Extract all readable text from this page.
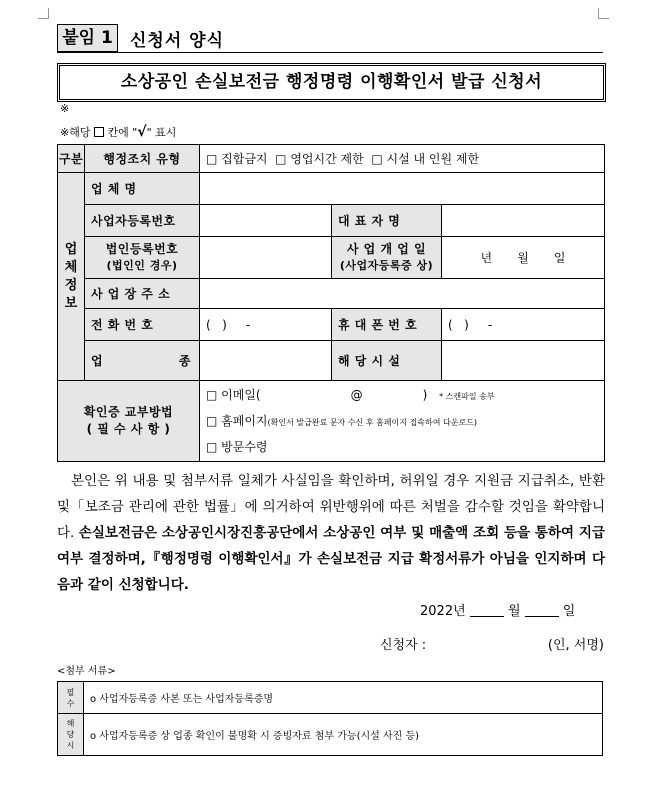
붙임 1	신청서 양식
소상공인 손실보전금 행정명령 이행확인서 발급 신청서
※
※해당 칸에 "√" 표시
구분	행정조치 유형	□ 집합금지 □ 영업시간 제한 □ 시설 내 인원 제한		
업
체
정
보	업 체 명			
	사업자등록번호		대 표 자 명	
	법인등록번호
(법인인 경우)		사 업 개 업 일
(사업자등록증 상)	년 월 일

	사 업 장 주 소			
	전 화 번 호	(   )     -	휴 대 폰 번 호	(   )     -

	업 종		해 당 시 설	
확인증 교부방법
( 필 수 사 항 )		□ 이메일( @ ) * 스캔파일 송부
□ 홈페이지(확인서 발급완료 문자 수신 후 홈페이지 접속하여 다운로드)
□ 방문수령		

본인은 위 내용 및 첨부서류 일체가 사실임을 확인하며, 허위일 경우 지원금 지급취소, 반환 및「보조금 관리에 관한 법률」에 의거하여 위반행위에 따른 처벌을 감수할 것임을 확약합니다. 손실보전금은 소상공인시장진흥공단에서 소상공인 여부 및 매출액 조회 등을 통하여 지급여부 결정하며,『행정명령 이행확인서』가 손실보전금 지급 확정서류가 아님을 인지하며 다음과 같이 신청합니다.

2022년	월	일
신청자 :	(인, 서명)
<첨부 서류>
필
수	o 사업자등록증 사본 또는 사업자등록증명
해
당
시	o 사업자등록증 상 업종 확인이 불명확 시 증빙자료 첨부 가능(시설 사진 등)
